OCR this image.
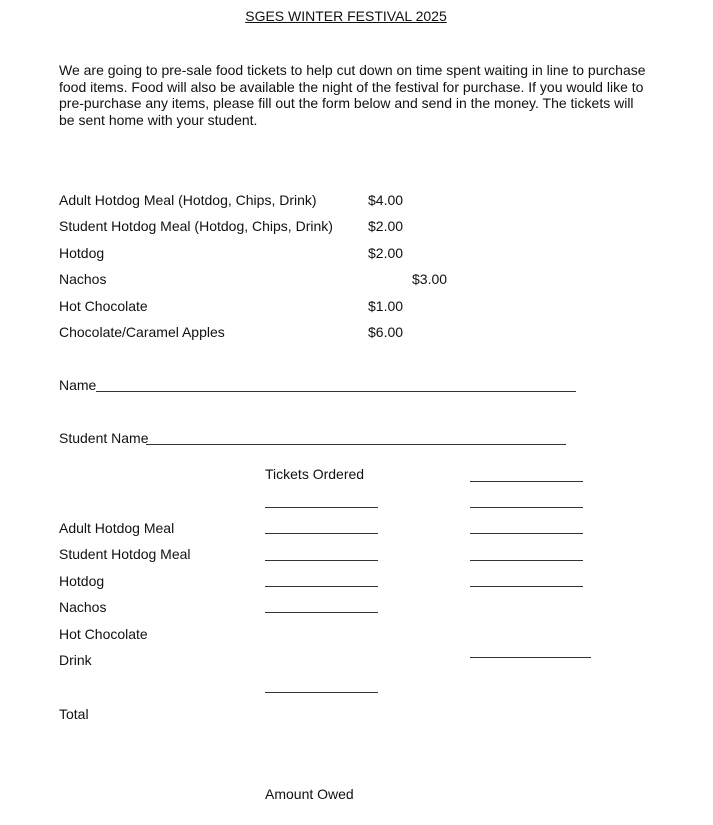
SGES WINTER FESTIVAL 2025
We are going to pre-sale food tickets to help cut down on time spent waiting in line to purchase food items. Food will also be available the night of the festival for purchase. If you would like to pre-purchase any items, please fill out the form below and send in the money. The tickets will be sent home with your student.
Adult Hotdog Meal (Hotdog, Chips, Drink)	$4.00
Student Hotdog Meal (Hotdog, Chips, Drink)	$2.00
Hotdog	$2.00
Nachos	$3.00
Hot Chocolate	$1.00
Chocolate/Caramel Apples	$6.00
Name
Student Name
Tickets Ordered
Adult Hotdog Meal
Student Hotdog Meal
Hotdog
Nachos
Hot Chocolate
Drink
Total
Amount Owed
